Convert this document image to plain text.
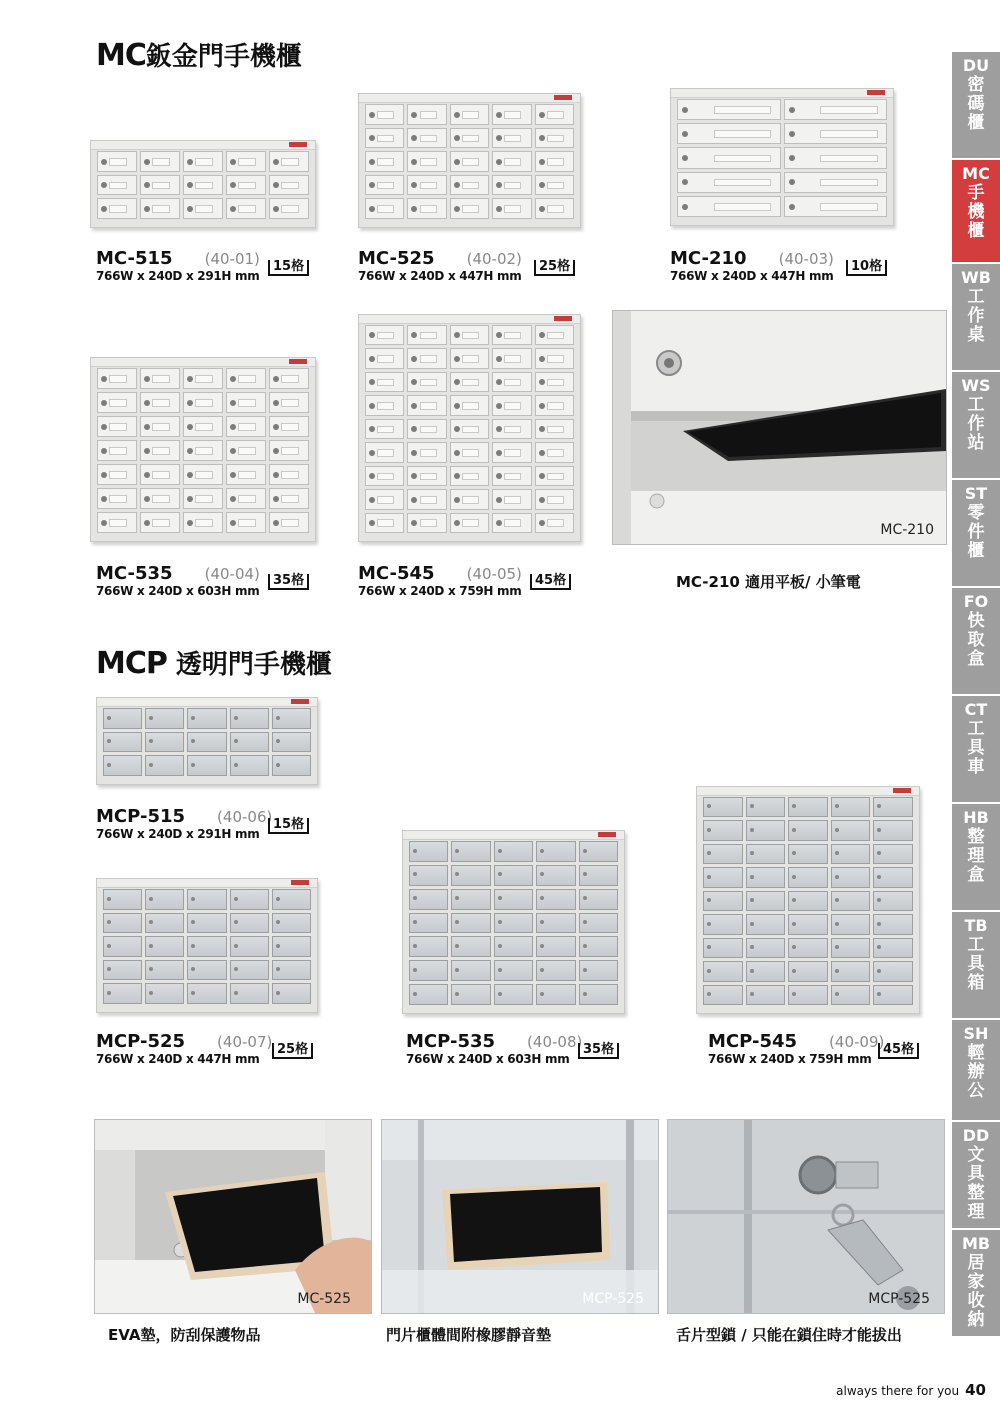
MC鈑金門手機櫃
MC-515 (40-01)
766W x 240D x 291H mm
15格	MC-525 (40-02)
766W x 240D x 447H mm
25格	MC-210 (40-03)
766W x 240D x 447H mm
10格
MC-210
MC-535 (40-04)
766W x 240D x 603H mm
35格	MC-545 (40-05)
766W x 240D x 759H mm
45格	MC-210 適用平板/ 小筆電
MCP 透明門手機櫃
MCP-515 (40-06)
766W x 240D x 291H mm
15格
MCP-525 (40-07)
766W x 240D x 447H mm
25格	MCP-535 (40-08)
766W x 240D x 603H mm
35格	MCP-545 (40-09)
766W x 240D x 759H mm
45格
MC-525	MCP-525	MCP-525
EVA墊，防刮保護物品	門片櫃體間附橡膠靜音墊	舌片型鎖 / 只能在鎖住時才能拔出
DU
密碼櫃
MC
手機櫃
WB
工作桌
WS
工作站
ST
零件櫃
FO
快取盒
CT
工具車
HB
整理盒
TB
工具箱
SH
輕辦公
DD
文具整理
MB
居家收納
always there for you 40
